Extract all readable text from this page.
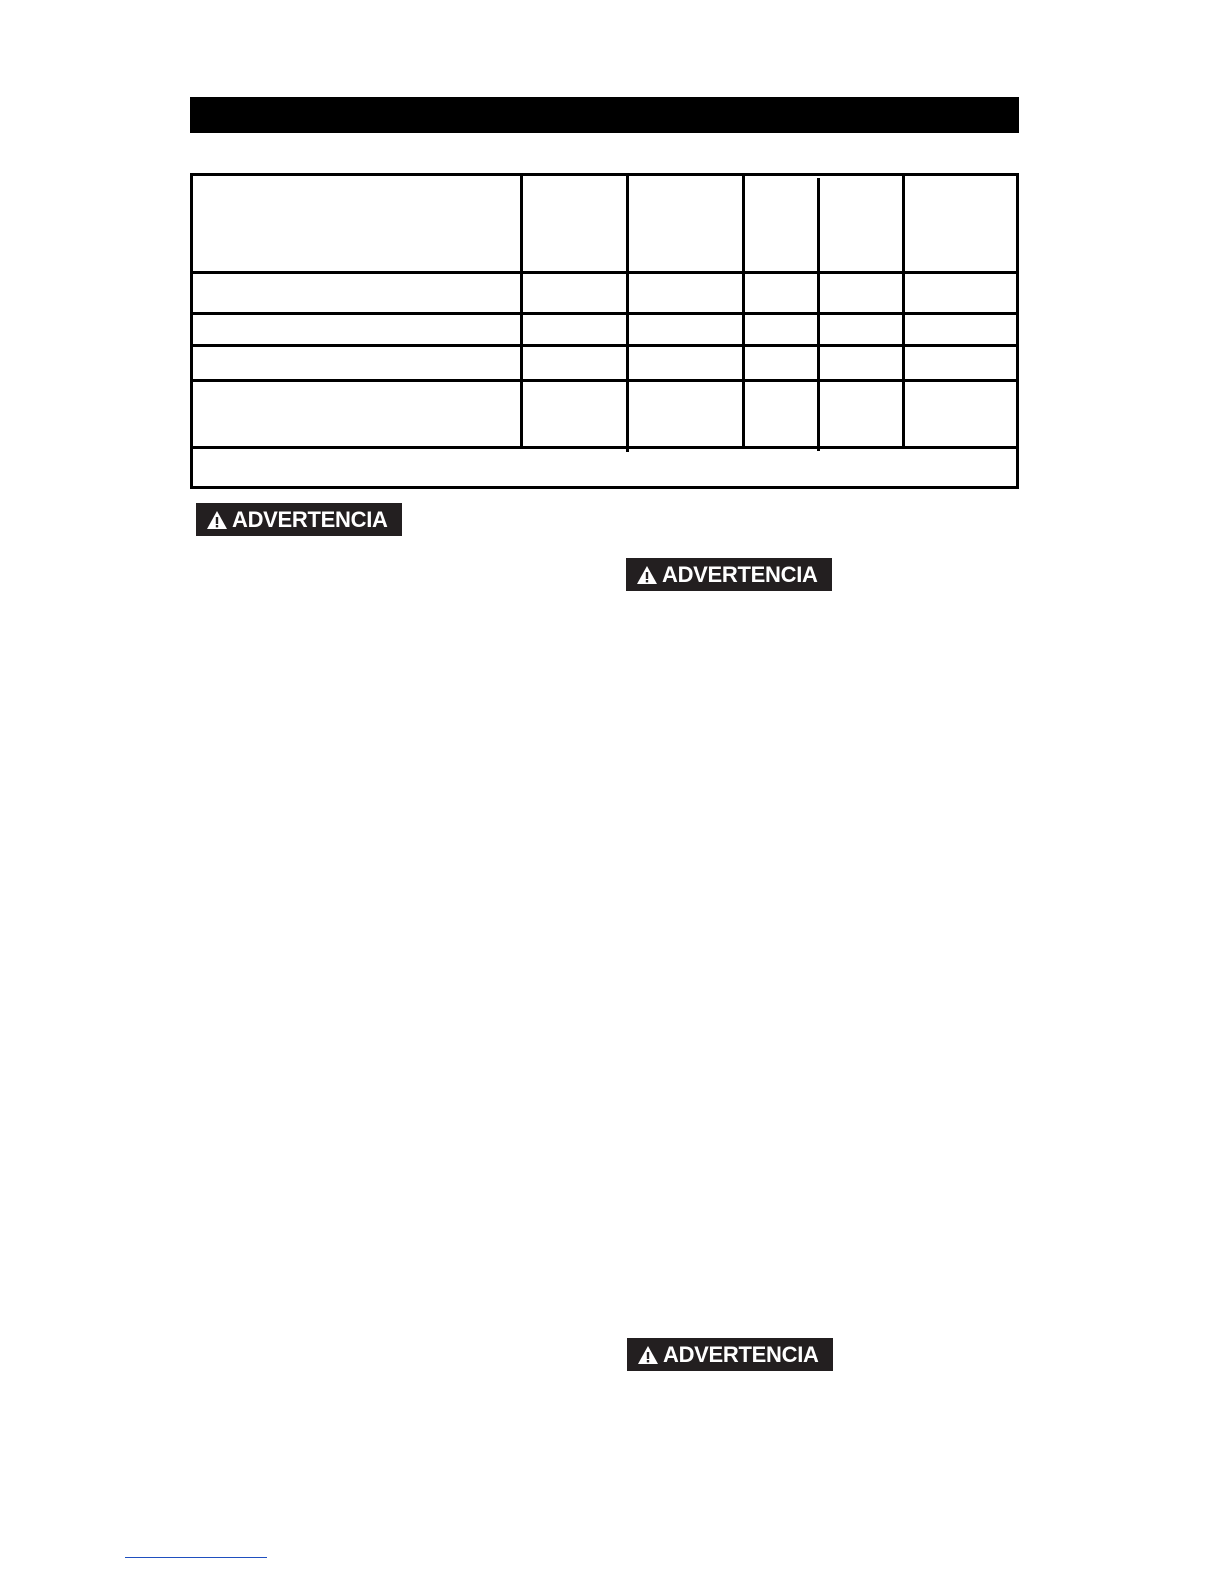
ADVERTENCIA
ADVERTENCIA
ADVERTENCIA
